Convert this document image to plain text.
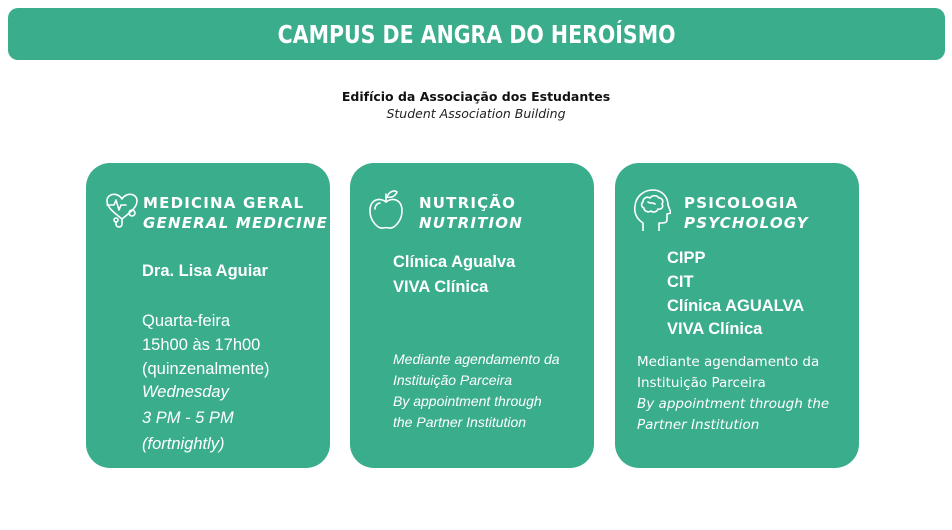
CAMPUS DE ANGRA DO HEROÍSMO
Edifício da Associação dos Estudantes
Student Association Building
MEDICINA GERAL
GENERAL MEDICINE
Dra. Lisa Aguiar
Quarta-feira
15h00 às 17h00
(quinzenalmente)
Wednesday
3 PM - 5 PM
(fortnightly)
NUTRIÇÃO
NUTRITION
Clínica Agualva
VIVA Clínica
Mediante agendamento da
Instituição Parceira
By appointment through
the Partner Institution
PSICOLOGIA
PSYCHOLOGY
CIPP
CIT
Clínica AGUALVA
VIVA Clínica
Mediante agendamento da
Instituição Parceira
By appointment through the
Partner Institution
